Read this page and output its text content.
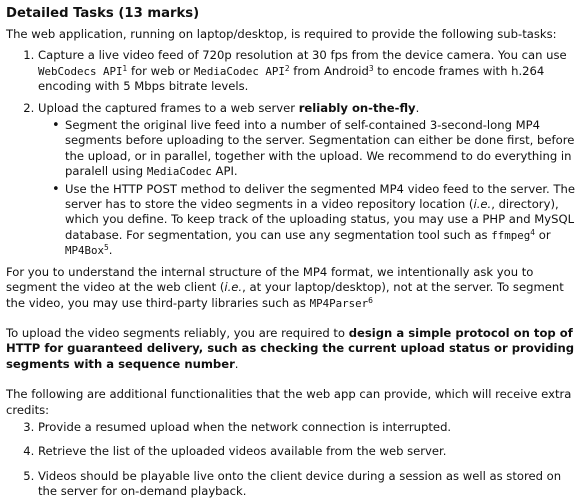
Detailed Tasks (13 marks)

The web application, running on laptop/desktop, is required to provide the following sub-tasks:

1. Capture a live video feed of 720p resolution at 30 fps from the device camera. You can use WebCodecs API$^1$ for web or MediaCodec API$^2$ from Android$^3$ to encode frames with h.264 encoding with 5 Mbps bitrate levels.
2. Upload the captured frames to a web server reliably on-the-fly.
• Segment the original live feed into a number of self-contained 3-second-long MP4 segments before uploading to the server. Segmentation can either be done first, before the upload, or in parallel, together with the upload. We recommend to do everything in paralell using MediaCodec API.
• Use the HTTP POST method to deliver the segmented MP4 video feed to the server. The server has to store the video segments in a video repository location (i.e., directory), which you define. To keep track of the uploading status, you may use a PHP and MySQL database. For segmentation, you can use any segmentation tool such as ffmpeg$^4$ or MP4Box$^5$.

For you to understand the internal structure of the MP4 format, we intentionally ask you to segment the video at the web client (i.e., at your laptop/desktop), not at the server. To segment the video, you may use third-party libraries such as MP4Parser$^6$

To upload the video segments reliably, you are required to design a simple protocol on top of HTTP for guaranteed delivery, such as checking the current upload status or providing segments with a sequence number.

The following are additional functionalities that the web app can provide, which will receive extra credits:

3. Provide a resumed upload when the network connection is interrupted.
4. Retrieve the list of the uploaded videos available from the web server.
5. Videos should be playable live onto the client device during a session as well as stored on the server for on-demand playback.
